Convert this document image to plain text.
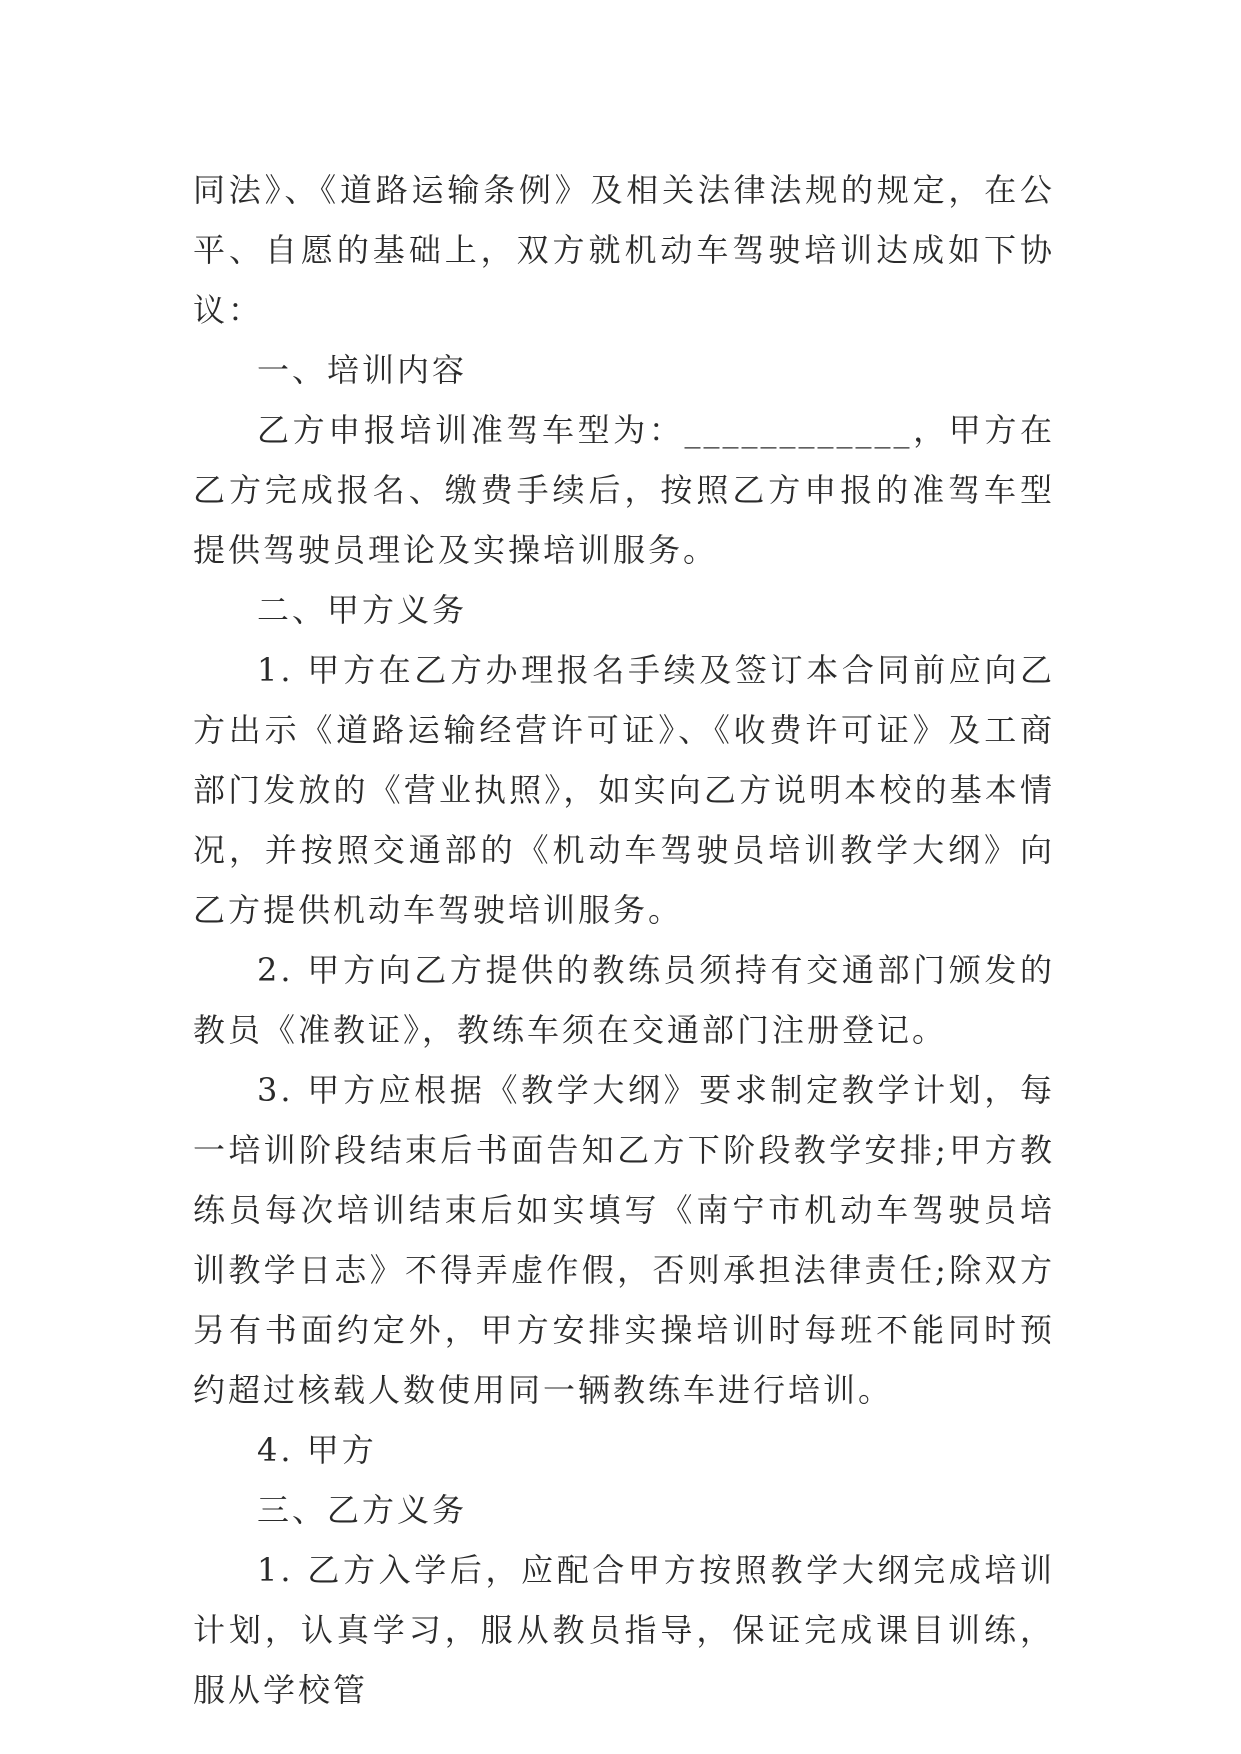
同法》、《道路运输条例》及相关法律法规的规定，在公平、自愿的基础上，双方就机动车驾驶培训达成如下协议：

一、培训内容

乙方申报培训准驾车型为：____________，甲方在乙方完成报名、缴费手续后，按照乙方申报的准驾车型提供驾驶员理论及实操培训服务。

二、甲方义务

1. 甲方在乙方办理报名手续及签订本合同前应向乙方出示《道路运输经营许可证》、《收费许可证》及工商部门发放的《营业执照》，如实向乙方说明本校的基本情况，并按照交通部的《机动车驾驶员培训教学大纲》向乙方提供机动车驾驶培训服务。

2. 甲方向乙方提供的教练员须持有交通部门颁发的教员《准教证》，教练车须在交通部门注册登记。

3. 甲方应根据《教学大纲》要求制定教学计划，每一培训阶段结束后书面告知乙方下阶段教学安排;甲方教练员每次培训结束后如实填写《南宁市机动车驾驶员培训教学日志》不得弄虚作假，否则承担法律责任;除双方另有书面约定外，甲方安排实操培训时每班不能同时预约超过核载人数使用同一辆教练车进行培训。

4. 甲方

三、乙方义务

1. 乙方入学后，应配合甲方按照教学大纲完成培训计划，认真学习，服从教员指导，保证完成课目训练，服从学校管
